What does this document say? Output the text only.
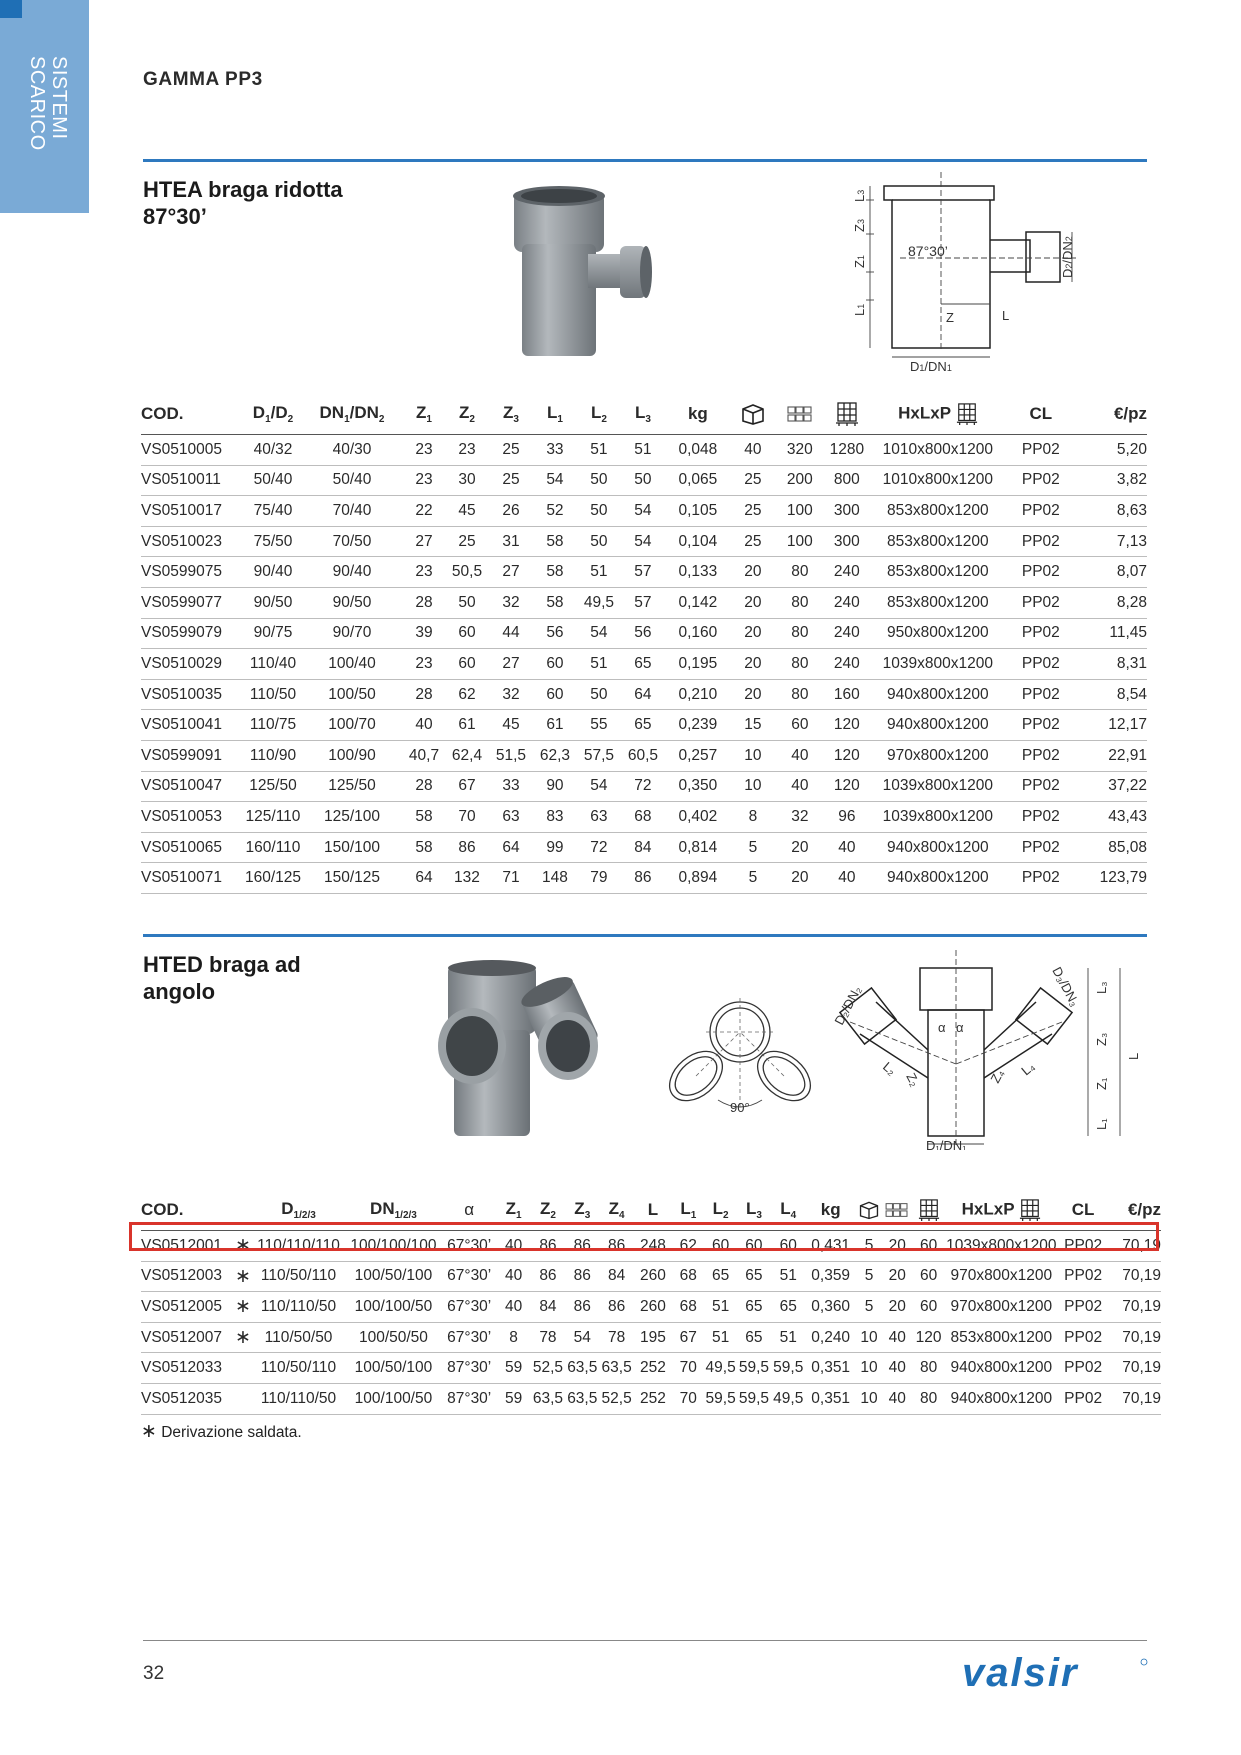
SISTEMI
SCARICO	GAMMA PP3
HTEA braga ridotta
87°30’
87°30’
Z	L
D1/DN1
L3
Z3
Z1
L1
D2/DN2
COD.	$D_1/D_2$	$DN_1/DN_2$	$Z_1$	$Z_2$	$Z_3$	$L_1$	$L_2$	$L_3$	kg				HxLxP	CL	€/pz
VS0510005	40/32	40/30	23	23	25	33	51	51	0,048	40	320	1280	1010x800x1200	PP02	5,20
VS0510011	50/40	50/40	23	30	25	54	50	50	0,065	25	200	800	1010x800x1200	PP02	3,82
VS0510017	75/40	70/40	22	45	26	52	50	54	0,105	25	100	300	853x800x1200	PP02	8,63
VS0510023	75/50	70/50	27	25	31	58	50	54	0,104	25	100	300	853x800x1200	PP02	7,13
VS0599075	90/40	90/40	23	50,5	27	58	51	57	0,133	20	80	240	853x800x1200	PP02	8,07
VS0599077	90/50	90/50	28	50	32	58	49,5	57	0,142	20	80	240	853x800x1200	PP02	8,28
VS0599079	90/75	90/70	39	60	44	56	54	56	0,160	20	80	240	950x800x1200	PP02	11,45
VS0510029	110/40	100/40	23	60	27	60	51	65	0,195	20	80	240	1039x800x1200	PP02	8,31
VS0510035	110/50	100/50	28	62	32	60	50	64	0,210	20	80	160	940x800x1200	PP02	8,54
VS0510041	110/75	100/70	40	61	45	61	55	65	0,239	15	60	120	940x800x1200	PP02	12,17
VS0599091	110/90	100/90	40,7	62,4	51,5	62,3	57,5	60,5	0,257	10	40	120	970x800x1200	PP02	22,91
VS0510047	125/50	125/50	28	67	33	90	54	72	0,350	10	40	120	1039x800x1200	PP02	37,22
VS0510053	125/110	125/100	58	70	63	83	63	68	0,402	8	32	96	1039x800x1200	PP02	43,43
VS0510065	160/110	150/100	58	86	64	99	72	84	0,814	5	20	40	940x800x1200	PP02	85,08
VS0510071	160/125	150/125	64	132	71	148	79	86	0,894	5	20	40	940x800x1200	PP02	123,79
HTED braga ad
angolo
90°
α α
D₁/DN₁
D₂/DN₂	D₃/DN₃
L
L₃
Z₃
Z₁
L₁
Z₂
L₂	Z₄ L₄
COD.		$D_{1/2/3}$	$DN_{1/2/3}$	α	$Z_1$	$Z_2$	$Z_3$	$Z_4$	L	$L_1$	$L_2$	$L_3$	$L_4$	kg				HxLxP	CL	€/pz
VS0512001	∗	110/110/110	100/100/100	67°30’	40	86	86	86	248	62	60	60	60	0,431	5	20	60	1039x800x1200	PP02	70,19
VS0512003	∗	110/50/110	100/50/100	67°30’	40	86	86	84	260	68	65	65	51	0,359	5	20	60	970x800x1200	PP02	70,19
VS0512005	∗	110/110/50	100/100/50	67°30’	40	84	86	86	260	68	51	65	65	0,360	5	20	60	970x800x1200	PP02	70,19
VS0512007	∗	110/50/50	100/50/50	67°30’	8	78	54	78	195	67	51	65	51	0,240	10	40	120	853x800x1200	PP02	70,19
VS0512033		110/50/110	100/50/100	87°30’	59	52,5	63,5	63,5	252	70	49,5	59,5	59,5	0,351	10	40	80	940x800x1200	PP02	70,19
VS0512035		110/110/50	100/100/50	87°30’	59	63,5	63,5	52,5	252	70	59,5	59,5	49,5	0,351	10	40	80	940x800x1200	PP02	70,19
∗ Derivazione saldata.
32	valsir
